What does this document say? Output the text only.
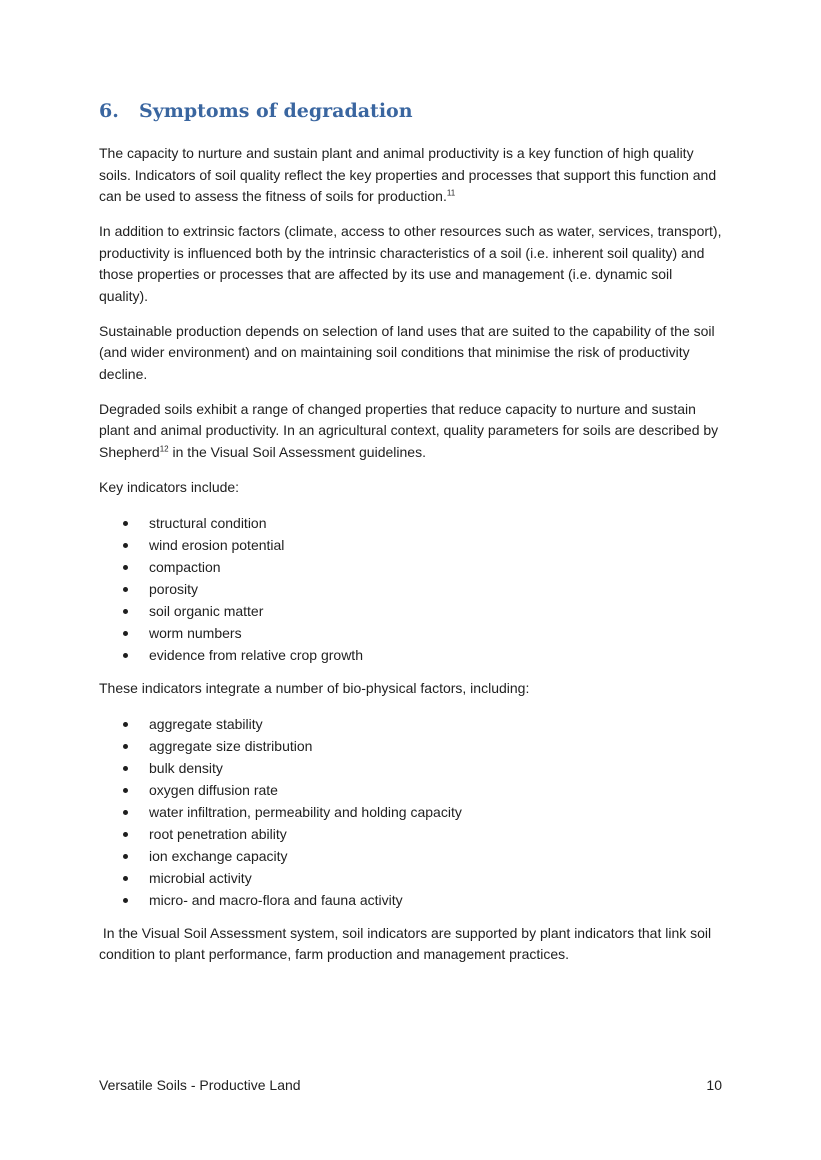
6. Symptoms of degradation

The capacity to nurture and sustain plant and animal productivity is a key function of high quality soils. Indicators of soil quality reflect the key properties and processes that support this function and can be used to assess the fitness of soils for production.$^{11}$

In addition to extrinsic factors (climate, access to other resources such as water, services, transport), productivity is influenced both by the intrinsic characteristics of a soil (i.e. inherent soil quality) and those properties or processes that are affected by its use and management (i.e. dynamic soil quality).

Sustainable production depends on selection of land uses that are suited to the capability of the soil (and wider environment) and on maintaining soil conditions that minimise the risk of productivity decline.

Degraded soils exhibit a range of changed properties that reduce capacity to nurture and sustain plant and animal productivity. In an agricultural context, quality parameters for soils are described by Shepherd$^{12}$ in the Visual Soil Assessment guidelines.

Key indicators include:

structural condition
wind erosion potential
compaction
porosity
soil organic matter
worm numbers
evidence from relative crop growth

These indicators integrate a number of bio-physical factors, including:

aggregate stability
aggregate size distribution
bulk density
oxygen diffusion rate
water infiltration, permeability and holding capacity
root penetration ability
ion exchange capacity
microbial activity
micro- and macro-flora and fauna activity

In the Visual Soil Assessment system, soil indicators are supported by plant indicators that link soil condition to plant performance, farm production and management practices.

Versatile Soils - Productive Land	10
